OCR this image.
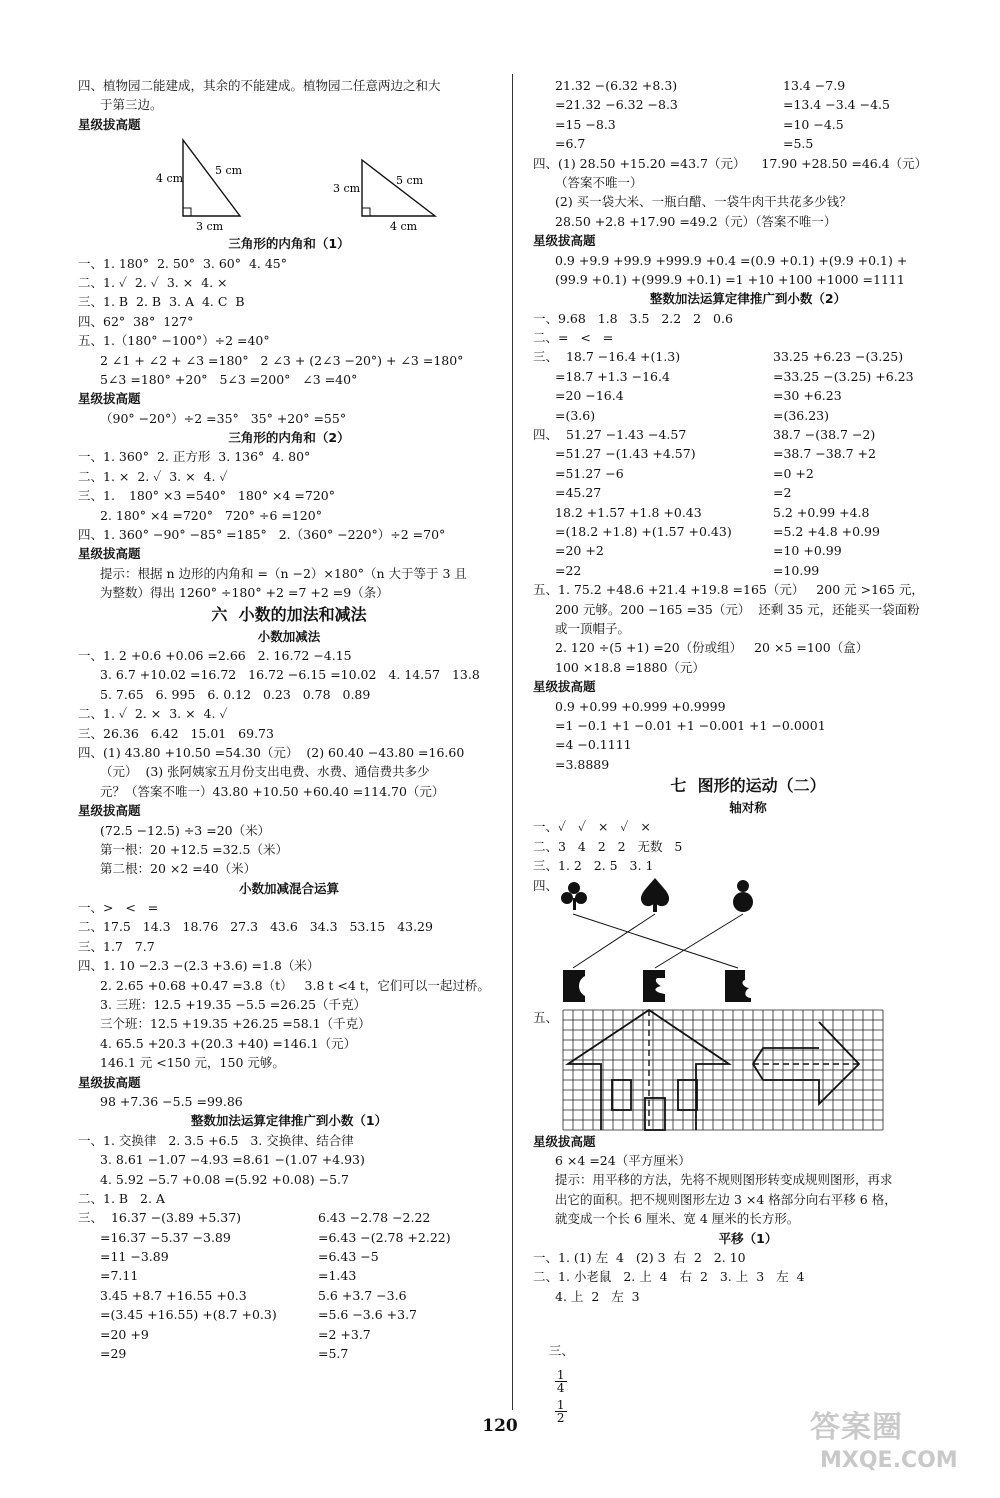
四、植物园二能建成，其余的不能建成。植物园二任意两边之和大
于第三边。
星级拔高题
4 cm
5 cm
3 cm
3 cm
5 cm
4 cm
三角形的内角和（1）
一、1. 180°  2. 50°  3. 60°  4. 45°
二、1. ✓  2. ✓  3. ×  4. ×
三、1. B  2. B  3. A  4. C  B
四、62°  38°  127°
五、1.（180° −100°）÷2 =40°
2 ∠1 + ∠2 + ∠3 =180°   2 ∠3 + (2∠3 −20°) + ∠3 =180°
5∠3 =180° +20°   5∠3 =200°   ∠3 =40°
星级拔高题
（90° −20°）÷2 =35°   35° +20° =55°
三角形的内角和（2）
一、1. 360°  2. 正方形  3. 136°  4. 80°
二、1. ×  2. ✓  3. ×  4. ✓
三、1. 180° ×3 =540°   180° ×4 =720°
2. 180° ×4 =720°   720° ÷6 =120°
四、1. 360° −90° −85° =185°   2.（360° −220°）÷2 =70°
星级拔高题
提示：根据 n 边形的内角和 =（n −2）×180°（n 大于等于 3 且
为整数）得出 1260° ÷180° +2 =7 +2 =9（条）
六  小数的加法和减法
小数加减法
一、1. 2 +0.6 +0.06 =2.66   2. 16.72 −4.15
3. 6.7 +10.02 =16.72   16.72 −6.15 =10.02   4. 14.57   13.8
5. 7.65   6. 995   6. 0.12   0.23   0.78   0.89
二、1. ✓  2. ×  3. ×  4. ✓
三、26.36   6.42   15.01   69.73
四、(1) 43.80 +10.50 =54.30（元）  (2) 60.40 −43.80 =16.60
（元）  (3) 张阿姨家五月份支出电费、水费、通信费共多少
元？（答案不唯一）43.80 +10.50 +60.40 =114.70（元）
星级拔高题
(72.5 −12.5) ÷3 =20（米）
第一根：20 +12.5 =32.5（米）
第二根：20 ×2 =40（米）
小数加减混合运算
一、>   <   =
二、17.5   14.3   18.76   27.3   43.6   34.3   53.15   43.29
三、1.7   7.7
四、1. 10 −2.3 −(2.3 +3.6) =1.8（米）
2. 2.65 +0.68 +0.47 =3.8（t）   3.8 t <4 t，它们可以一起过桥。
3. 三班：12.5 +19.35 −5.5 =26.25（千克）
三个班：12.5 +19.35 +26.25 =58.1（千克）
4. 65.5 +20.3 +(20.3 +40) =146.1（元）
146.1 元 <150 元，150 元够。
星级拔高题
98 +7.36 −5.5 =99.86
整数加法运算定律推广到小数（1）
一、1. 交换律   2. 3.5 +6.5   3. 交换律、结合律
3. 8.61 −1.07 −4.93 =8.61 −(1.07 +4.93)
4. 5.92 −5.7 +0.08 =(5.92 +0.08) −5.7
二、1. B   2. A
三、  16.37 −(3.89 +5.37)
=16.37 −5.37 −3.89
=11 −3.89
=7.11
3.45 +8.7 +16.55 +0.3
=(3.45 +16.55) +(8.7 +0.3)
=20 +9
=29
6.43 −2.78 −2.22
=6.43 −(2.78 +2.22)
=6.43 −5
=1.43
5.6 +3.7 −3.6
=5.6 −3.6 +3.7
=2 +3.7
=5.7
21.32 −(6.32 +8.3)
=21.32 −6.32 −8.3
=15 −8.3
=6.7
13.4 −7.9
=13.4 −3.4 −4.5
=10 −4.5
=5.5
四、(1) 28.50 +15.20 =43.7（元）    17.90 +28.50 =46.4（元）
（答案不唯一）
(2) 买一袋大米、一瓶白醋、一袋牛肉干共花多少钱？
28.50 +2.8 +17.90 =49.2（元）（答案不唯一）
星级拔高题
0.9 +9.9 +99.9 +999.9 +0.4 =(0.9 +0.1) +(9.9 +0.1) +
(99.9 +0.1) +(999.9 +0.1) =1 +10 +100 +1000 =1111
整数加法运算定律推广到小数（2）
一、9.68   1.8   3.5   2.2   2   0.6
二、=   <   =
三、  18.7 −16.4 +(1.3)
=18.7 +1.3 −16.4
=20 −16.4
=(3.6)
33.25 +6.23 −(3.25)
=33.25 −(3.25) +6.23
=30 +6.23
=(36.23)
四、  51.27 −1.43 −4.57
=51.27 −(1.43 +4.57)
=51.27 −6
=45.27
18.2 +1.57 +1.8 +0.43
=(18.2 +1.8) +(1.57 +0.43)
=20 +2
=22
38.7 −(38.7 −2)
=38.7 −38.7 +2
=0 +2
=2
5.2 +0.99 +4.8
=5.2 +4.8 +0.99
=10 +0.99
=10.99
五、1. 75.2 +48.6 +21.4 +19.8 =165（元）   200 元 >165 元，
200 元够。200 −165 =35（元）  还剩 35 元，还能买一袋面粉
或一顶帽子。
2. 120 ÷(5 +1) =20（份或组）   20 ×5 =100（盒）
100 ×18.8 =1880（元）
星级拔高题
0.9 +0.99 +0.999 +0.9999
=1 −0.1 +1 −0.01 +1 −0.001 +1 −0.0001
=4 −0.1111
=3.8889
七  图形的运动（二）
轴对称
一、✓   ✓   ×   ✓   ×
二、3   4   2   2   无数   5
三、1. 2   2. 5   3. 1
四、
五、
星级拔高题
6 ×4 =24（平方厘米）
提示：用平移的方法，先将不规则图形转变成规则图形，再求
出它的面积。把不规则图形左边 3 ×4 格部分向右平移 6 格，
就变成一个长 6 厘米、宽 4 厘米的长方形。
平移（1）
一、1. (1) 左  4   (2) 3  右  2   2. 10
二、1. 小老鼠   2. 上  4   右  2   3. 上  3   左  4
4. 上  2   左  3

三、

$\frac{1}{4}$

$\frac{1}{2}$

120	答案圈
MXQE.COM
